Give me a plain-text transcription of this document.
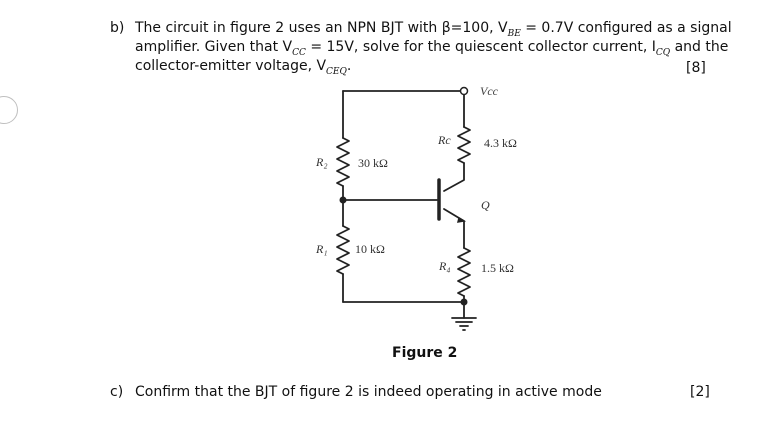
b) The circuit in figure 2 uses an NPN BJT with β=100, $V_{BE} = 0.7V$ configured as a signal
amplifier. Given that $V_{CC} = 15V$, solve for the quiescent collector current, $I_{CQ}$ and the
collector-emitter voltage, $V_{CEQ}$.	[8]
Vcc
R₂	30 kΩ
R₁ 10 kΩ
Rc	4.3 kΩ
R₄	1.5 kΩ
Q
Figure 2
c) Confirm that the BJT of figure 2 is indeed operating in active mode	[2]
